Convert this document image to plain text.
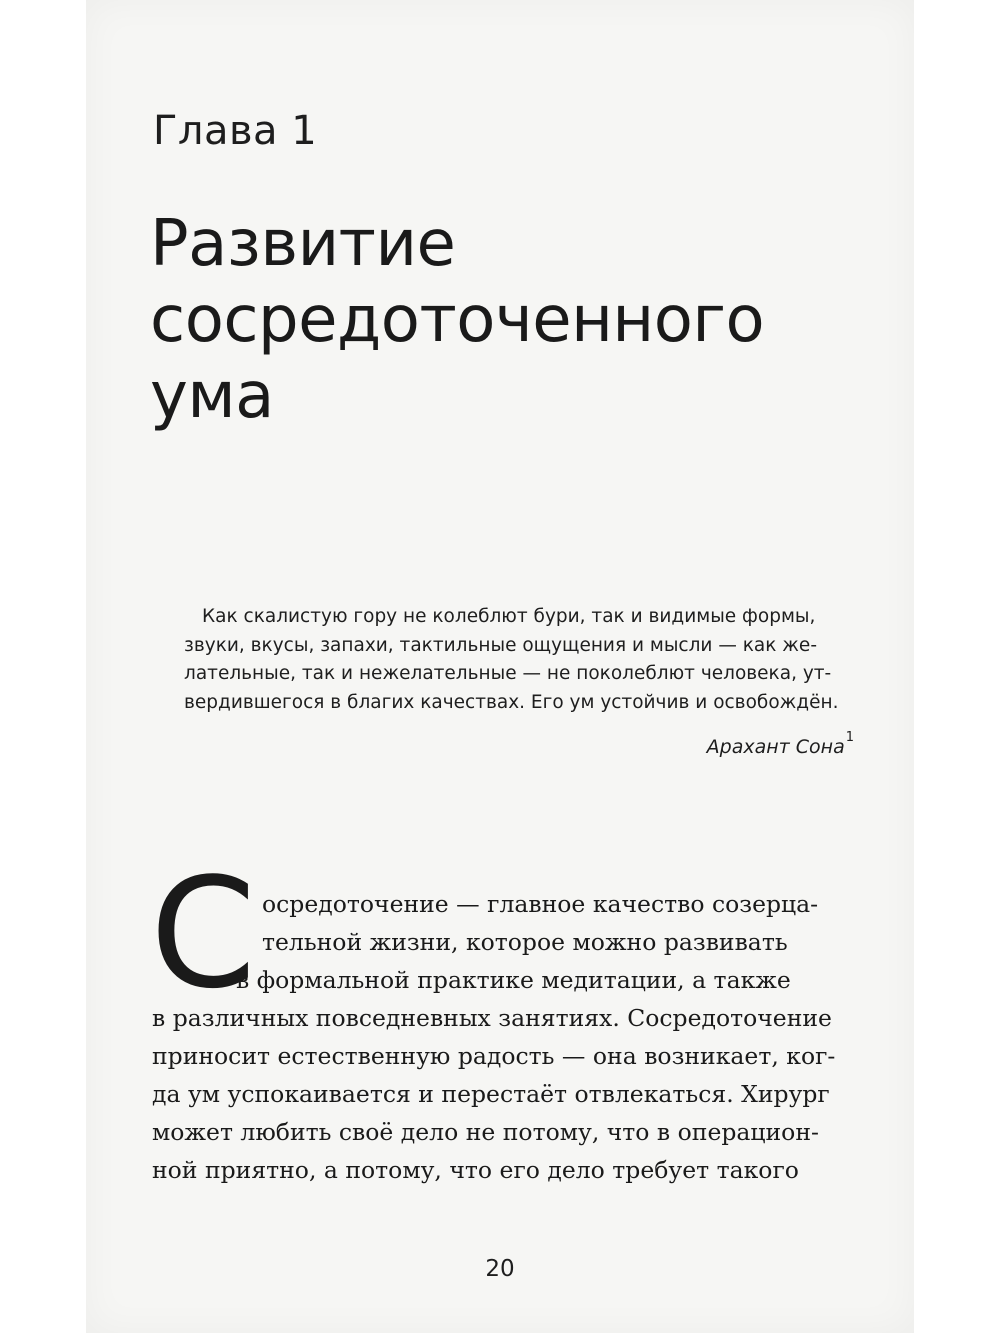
Глава 1
Развитие
сосредоточенного
ума
Как скалистую гору не колеблют бури, так и видимые формы,
звуки, вкусы, запахи, тактильные ощущения и мысли — как же-
лательные, так и нежелательные — не поколеблют человека, ут-
вердившегося в благих качествах. Его ум устойчив и освобождён.
Арахант Сона$^1$
С осредоточение — главное качество созерца-
тельной жизни, которое можно развивать
в формальной практике медитации, а также
в различных повседневных занятиях. Сосредоточение
приносит естественную радость — она возникает, ког-
да ум успокаивается и перестаёт отвлекаться. Хирург
может любить своё дело не потому, что в операцион-
ной приятно, а потому, что его дело требует такого
20
